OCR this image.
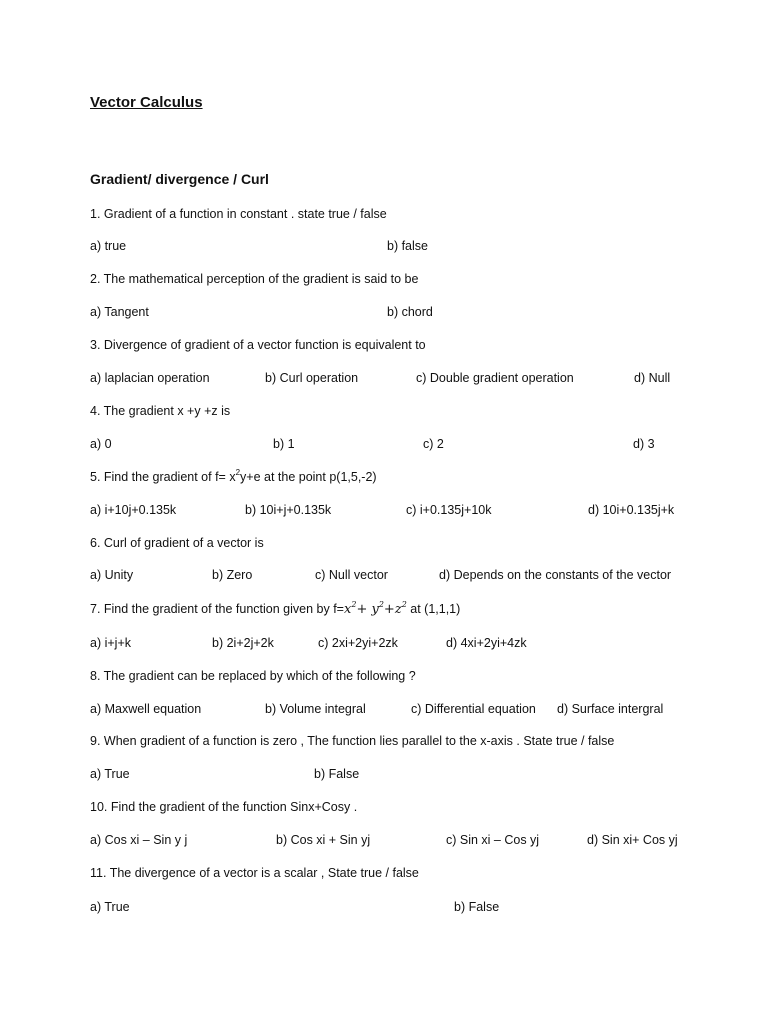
Vector Calculus
Gradient/ divergence / Curl
1. Gradient of a function in constant . state true / false
a) true	b) false
2. The mathematical perception of the gradient is said to be
a) Tangent	b) chord
3. Divergence of gradient of a vector function is equivalent to
a) laplacian operation	b) Curl operation	c) Double gradient operation	d) Null
4. The gradient x +y +z is
a) 0	b) 1	c) 2	d) 3
5. Find the gradient of $f= x^2y+e$ at the point p(1,5,-2)
a) i+10j+0.135k	b) 10i+j+0.135k	c) i+0.135j+10k	d) 10i+0.135j+k
6. Curl of gradient of a vector is
a) Unity	b) Zero	c) Null vector	d) Depends on the constants of the vector
7. Find the gradient of the function given by $f=x^2+ y^2+z^2$ at (1,1,1)
a) i+j+k	b) 2i+2j+2k	c) 2xi+2yi+2zk	d) 4xi+2yi+4zk
8. The gradient can be replaced by which of the following ?
a) Maxwell equation	b) Volume integral	c) Differential equation d) Surface intergral
9. When gradient of a function is zero , The function lies parallel to the x-axis . State true / false
a) True	b) False
10. Find the gradient of the function Sinx+Cosy .
a) Cos xi – Sin y j	b) Cos xi + Sin yj	c) Sin xi – Cos yj	d) Sin xi+ Cos yj
11. The divergence of a vector is a scalar , State true / false
a) True	b) False
